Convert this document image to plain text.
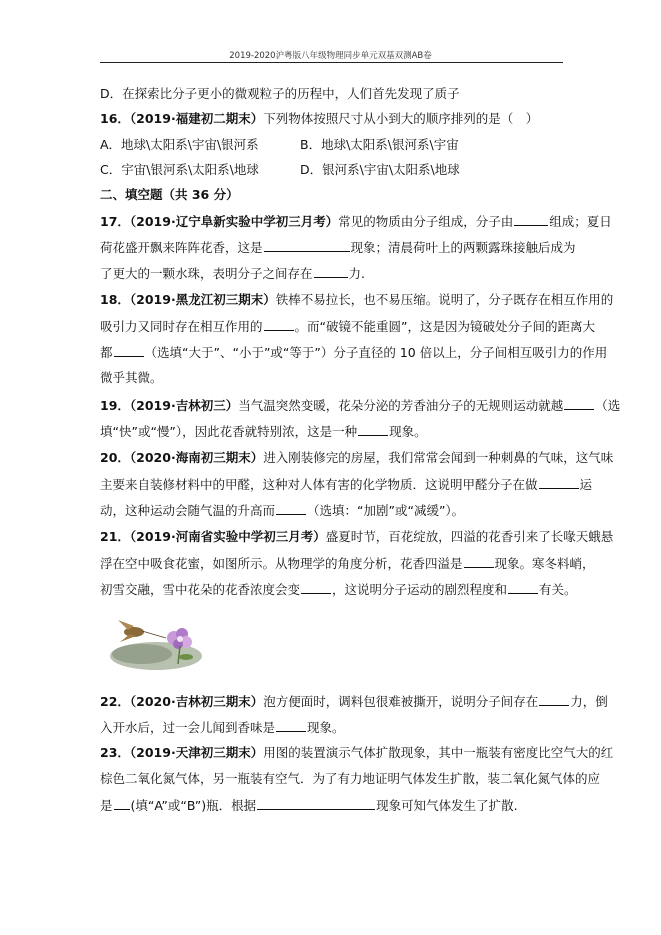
2019-2020沪粤版八年级物理同步单元双基双测AB卷
D．在探索比分子更小的微观粒子的历程中，人们首先发现了质子
16．（2019·福建初二期末）下列物体按照尺寸从小到大的顺序排列的是（　）
A．地球\太阳系\宇宙\银河系	B．地球\太阳系\银河系\宇宙
C．宇宙\银河系\太阳系\地球	D．银河系\宇宙\太阳系\地球
二、填空题（共 36 分）
17．（2019·辽宁阜新实验中学初三月考）常见的物质由分子组成，分子由	组成；夏日
荷花盛开飘来阵阵花香，这是	现象；清晨荷叶上的两颗露珠接触后成为
了更大的一颗水珠，表明分子之间存在	力.
18．（2019·黑龙江初三期末）铁棒不易拉长，也不易压缩。说明了，分子既存在相互作用的
吸引力又同时存在相互作用的	。而“破镜不能重圆”，这是因为镜破处分子间的距离大
都	（选填“大于”、“小于”或“等于”）分子直径的 10 倍以上，分子间相互吸引力的作用
微乎其微。
19．（2019·吉林初三）当气温突然变暖，花朵分泌的芳香油分子的无规则运动就越	（选
填“快”或“慢”），因此花香就特别浓，这是一种	现象。
20．（2020·海南初三期末）进入刚装修完的房屋，我们常常会闻到一种刺鼻的气味，这气味
主要来自装修材料中的甲醛，这种对人体有害的化学物质．这说明甲醛分子在做	运
动，这种运动会随气温的升高而	（选填：“加剧”或“减缓”）。
21．（2019·河南省实验中学初三月考）盛夏时节，百花绽放，四溢的花香引来了长喙天蛾悬
浮在空中吸食花蜜，如图所示。从物理学的角度分析，花香四溢是	现象。寒冬料峭，
初雪交融，雪中花朵的花香浓度会变	，这说明分子运动的剧烈程度和	有关。
22．（2020·吉林初三期末）泡方便面时，调料包很难被撕开，说明分子间存在	力，倒
入开水后，过一会儿闻到香味是	现象。
23．（2019·天津初三期末）用图的装置演示气体扩散现象，其中一瓶装有密度比空气大的红
棕色二氧化氮气体，另一瓶装有空气．为了有力地证明气体发生扩散，装二氧化氮气体的应
是 (填“A”或“B”)瓶．根据	现象可知气体发生了扩散.
